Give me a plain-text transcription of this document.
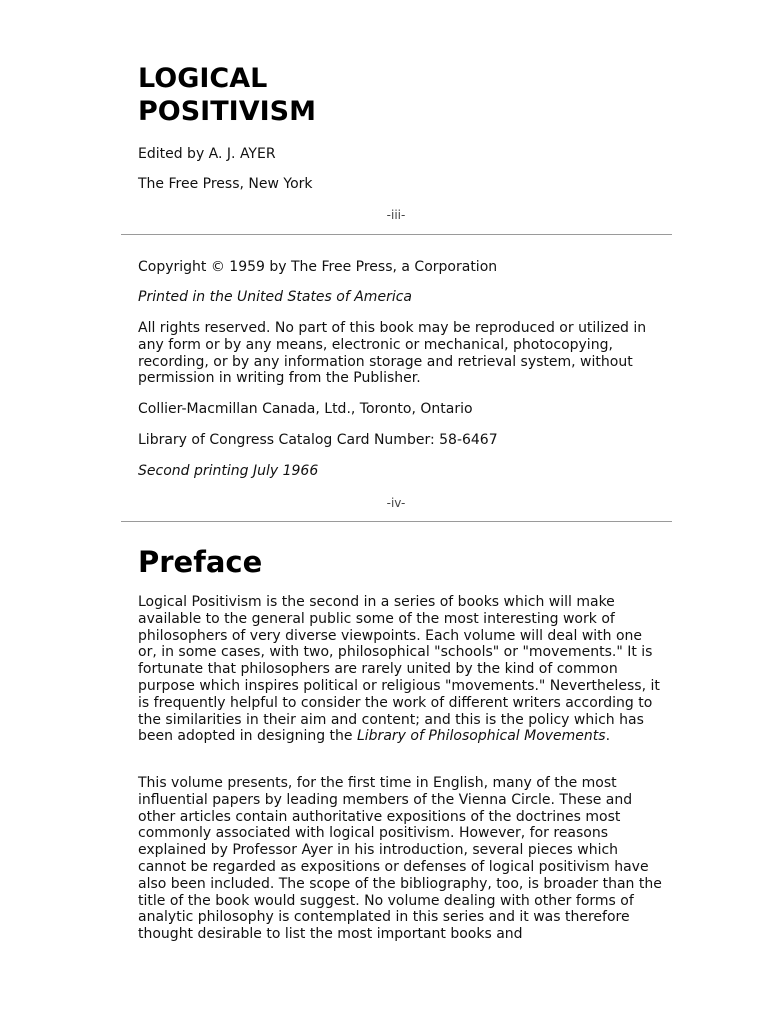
LOGICAL
POSITIVISM
Edited by A. J. AYER
The Free Press, New York
-iii-
Copyright © 1959 by The Free Press, a Corporation
Printed in the United States of America

All rights reserved. No part of this book may be reproduced or utilized in any form or by any means, electronic or mechanical, photocopying, recording, or by any information storage and retrieval system, without permission in writing from the Publisher.

Collier-Macmillan Canada, Ltd., Toronto, Ontario
Library of Congress Catalog Card Number: 58-6467
Second printing July 1966
-iv-
Preface

Logical Positivism is the second in a series of books which will make available to the general public some of the most interesting work of philosophers of very diverse viewpoints. Each volume will deal with one or, in some cases, with two, philosophical "schools" or "movements." It is fortunate that philosophers are rarely united by the kind of common purpose which inspires political or religious "movements." Nevertheless, it is frequently helpful to consider the work of different writers according to the similarities in their aim and content; and this is the policy which has been adopted in designing the Library of Philosophical Movements.

This volume presents, for the first time in English, many of the most influential papers by leading members of the Vienna Circle. These and other articles contain authoritative expositions of the doctrines most commonly associated with logical positivism. However, for reasons explained by Professor Ayer in his introduction, several pieces which cannot be regarded as expositions or defenses of logical positivism have also been included. The scope of the bibliography, too, is broader than the title of the book would suggest. No volume dealing with other forms of analytic philosophy is contemplated in this series and it was therefore thought desirable to list the most important books and
